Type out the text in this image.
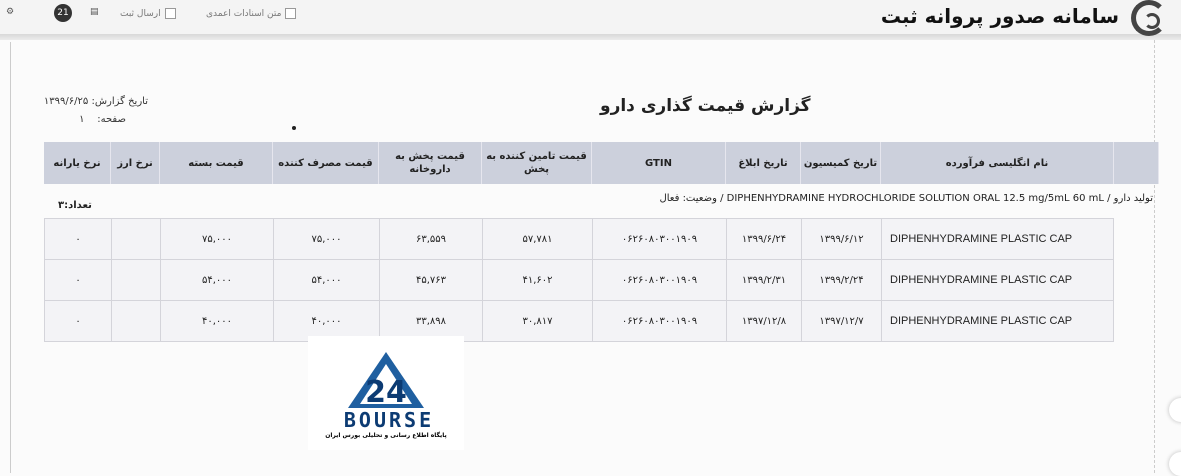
⚙	21	▤ ارسال ثبت	متن اسنادات اعمدی	سامانه صدور پروانه ثبت
گزارش قیمت گذاری دارو
تاریخ گزارش: ۱۳۹۹/۶/۲۵
صفحه:    ۱
نرخ یارانه	نرخ ارز	قیمت بسته	قیمت مصرف کننده	قیمت پخش به داروخانه	قیمت تامین کننده به پخش	GTIN	تاریخ ابلاغ	تاریخ کمیسیون	نام انگلیسی فرآورده	
تولید دارو / DIPHENHYDRAMINE HYDROCHLORIDE SOLUTION ORAL 12.5 mg/5mL 60 mL / وضعیت: فعال
تعداد:۳
۰		۷۵,۰۰۰	۷۵,۰۰۰	۶۳,۵۵۹	۵۷,۷۸۱	۰۶۲۶۰۸۰۳۰۰۱۹۰۹	۱۳۹۹/۶/۲۴	۱۳۹۹/۶/۱۲	DIPHENHYDRAMINE PLASTIC CAP
۰		۵۴,۰۰۰	۵۴,۰۰۰	۴۵,۷۶۳	۴۱,۶۰۲	۰۶۲۶۰۸۰۳۰۰۱۹۰۹	۱۳۹۹/۲/۳۱	۱۳۹۹/۲/۲۴	DIPHENHYDRAMINE PLASTIC CAP
۰		۴۰,۰۰۰	۴۰,۰۰۰	۳۳,۸۹۸	۳۰,۸۱۷	۰۶۲۶۰۸۰۳۰۰۱۹۰۹	۱۳۹۷/۱۲/۸	۱۳۹۷/۱۲/۷	DIPHENHYDRAMINE PLASTIC CAP
24
BOURSE
پایگاه اطلاع رسانی و تحلیلی بورس ایران
